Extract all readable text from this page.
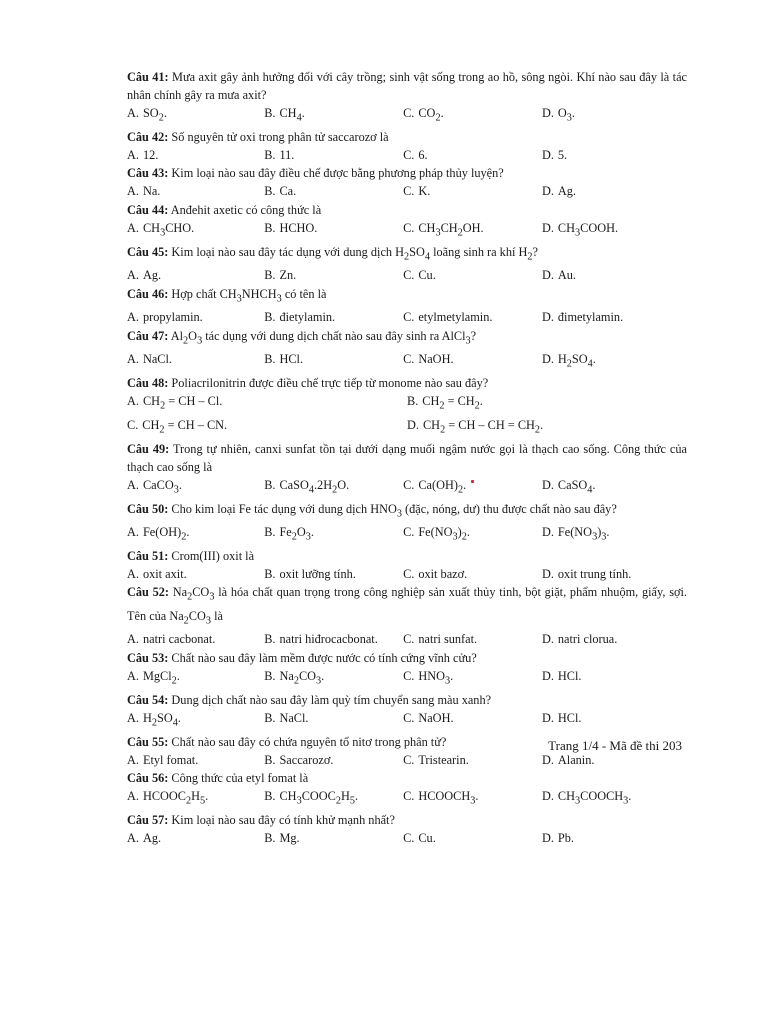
Câu 41: Mưa axit gây ảnh hưởng đối với cây trồng; sinh vật sống trong ao hồ, sông ngòi. Khí nào sau đây là tác nhân chính gây ra mưa axit?
A. $SO_2$.	B. $CH_4$.	C. $CO_2$.	D. $O_3$.
Câu 42: Số nguyên tử oxi trong phân tử saccarozơ là
A. 12.	B. 11.	C. 6.	D. 5.
Câu 43: Kim loại nào sau đây điều chế được bằng phương pháp thủy luyện?
A. Na.	B. Ca.	C. K.	D. Ag.
Câu 44: Anđehit axetic có công thức là
A. $CH_3CHO$.	B. HCHO.	C. $CH_3CH_2OH$.	D. $CH_3COOH$.
Câu 45: Kim loại nào sau đây tác dụng với dung dịch $H_2SO_4$ loãng sinh ra khí $H_2$?
A. Ag.	B. Zn.	C. Cu.	D. Au.
Câu 46: Hợp chất $CH_3NHCH_3$ có tên là
A. propylamin.	B. đietylamin.	C. etylmetylamin.	D. đimetylamin.
Câu 47: $Al_2O_3$ tác dụng với dung dịch chất nào sau đây sinh ra AlCl$_3$?
A. NaCl.	B. HCl.	C. NaOH.	D. $H_2SO_4$.
Câu 48: Poliacrilonitrin được điều chế trực tiếp từ monome nào sau đây?
A. $CH_2$ = CH – Cl.	B. $CH_2 = CH_2$.
C. $CH_2$ = CH – CN.	D. $CH_2$ = CH – CH = $CH_2$.
Câu 49: Trong tự nhiên, canxi sunfat tồn tại dưới dạng muối ngậm nước gọi là thạch cao sống. Công thức của thạch cao sống là
A. CaCO$_3$.	B. $CaSO_4.2H_2O$.	C. $Ca(OH)_2$.	D. CaSO$_4$.
Câu 50: Cho kim loại Fe tác dụng với dung dịch $HNO_3$ (đặc, nóng, dư) thu được chất nào sau đây?
A. $Fe(OH)_2$.	B. $Fe_2O_3$.	C. $Fe(NO_3)_2$.	D. $Fe(NO_3)_3$.
Câu 51: Crom(III) oxit là
A. oxit axit.	B. oxit lưỡng tính.	C. oxit bazơ.	D. oxit trung tính.
Câu 52: $Na_2CO_3$ là hóa chất quan trọng trong công nghiệp sản xuất thủy tinh, bột giặt, phẩm nhuộm, giấy, sợi. Tên của $Na_2CO_3$ là
A. natri cacbonat.	B. natri hiđrocacbonat.	C. natri sunfat.	D. natri clorua.
Câu 53: Chất nào sau đây làm mềm được nước có tính cứng vĩnh cửu?
A. MgCl$_2$.	B. $Na_2CO_3$.	C. $HNO_3$.	D. HCl.
Câu 54: Dung dịch chất nào sau đây làm quỳ tím chuyển sang màu xanh?
A. $H_2SO_4$.	B. NaCl.	C. NaOH.	D. HCl.
Câu 55: Chất nào sau đây có chứa nguyên tố nitơ trong phân tử?
A. Etyl fomat.	B. Saccarozơ.	C. Tristearin.	D. Alanin.
Câu 56: Công thức của etyl fomat là
A. $HCOOC_2H_5$.	B. $CH_3COOC_2H_5$.	C. $HCOOCH_3$.	D. $CH_3COOCH_3$.
Câu 57: Kim loại nào sau đây có tính khử mạnh nhất?
A. Ag.	B. Mg.	C. Cu.	D. Pb.
Trang 1/4 - Mã đề thi 203
